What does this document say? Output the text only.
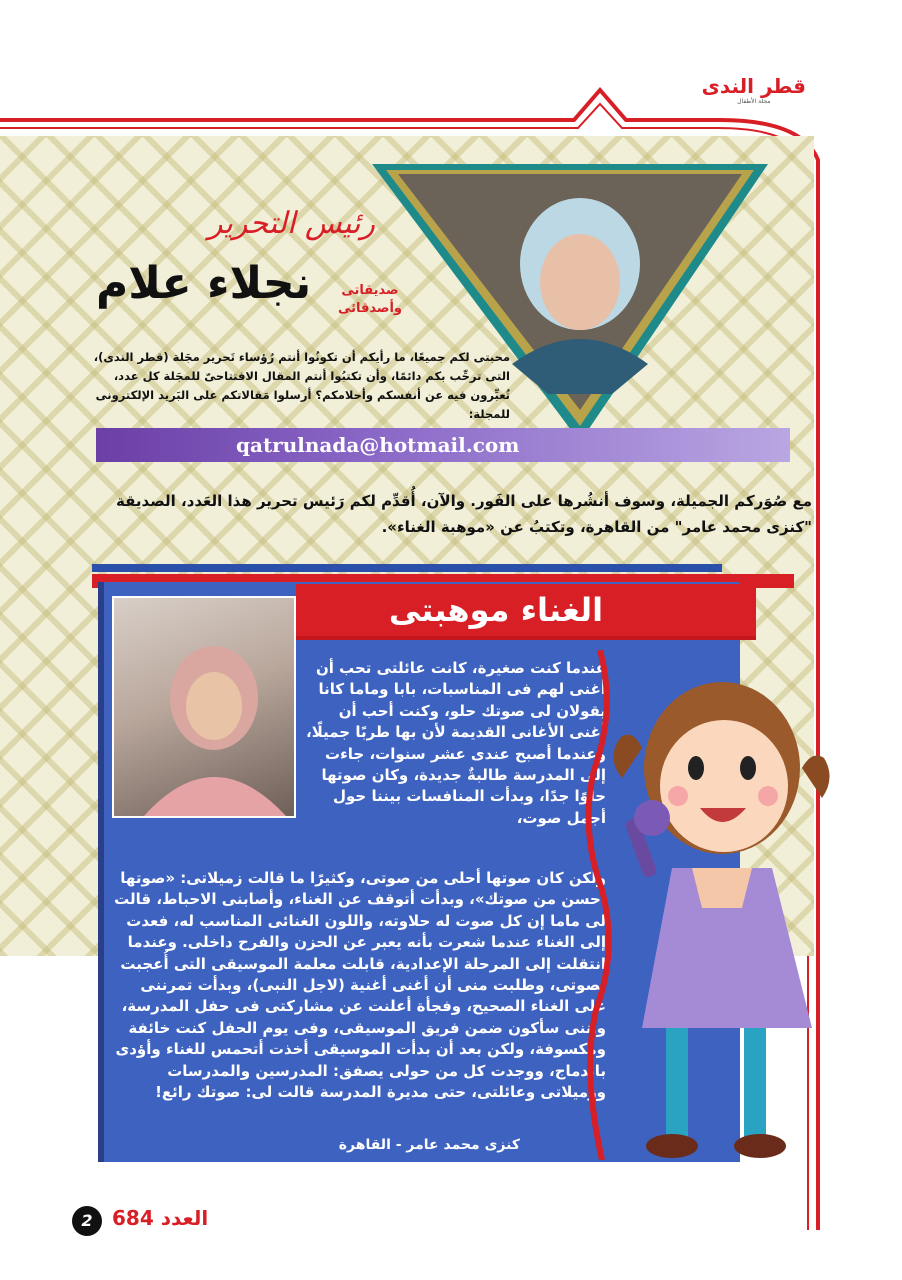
قطر الندى
مجلة الأطفال
رئيس التحرير
نجلاء علام	صديقاتى
وأصدقائى
محبتى لكم جميعًا، ما رأيكم أن تكونُوا أنتم رُؤساء تَحرير مجَلة (قطر الندى)، التى ترحِّب بكم دائمًا، وأن تكتبُوا أنتم المقال الافتتاحىّ للمجَلة كل عدد، تُعبِّرون فيه عن أنفسكم وأحلامكم؟ أرسلوا مَقالاتكم على البَريد الإلكترونى للمجلة:
qatrulnada@hotmail.com
مع صُوَركم الجميلة، وسوف أنشُرها على الفَور. والآن، أُقدِّم لكم رَئيس تحرير هذا العَدد، الصديقة "كنزى محمد عامر" من القاهرة، وتكتبُ عن «موهبة الغناء».
الغناء موهبتى
عندما كنت صغيرة، كانت عائلتى تحب أن أغنى لهم فى المناسبات، بابا وماما كانا يقولان لى صوتك حلو، وكنت أحب أن أغنى الأغانى القديمة لأن بها طربًا جميلًا، وعندما أصبح عندى عشر سنوات، جاءت إلى المدرسة طالبةٌ جديدة، وكان صوتها حلوًا جدًا، وبدأت المنافسات بيننا حول أجمل صوت،
ولكن كان صوتها أحلى من صوتى، وكثيرًا ما قالت زميلاتى: «صوتها أحسن من صوتك»، وبدأت أتوقف عن الغناء، وأصابنى الاحباط، قالت لى ماما إن كل صوت له حلاوته، واللون الغنائى المناسب له، فعدت إلى الغناء عندما شعرت بأنه يعبر عن الحزن والفرح داخلى. وعندما انتقلت إلى المرحلة الإعدادية، قابلت معلمة الموسيقى التى أُعجبت بصوتى، وطلبت منى أن أغنى أغنية (لاجل النبى)، وبدأت تمرننى على الغناء الصحيح، وفجأة أعلنت عن مشاركتى فى حفل المدرسة، وأننى سأكون ضمن فريق الموسيقى، وفى يوم الحفل كنت خائفة ومكسوفة، ولكن بعد أن بدأت الموسيقى أخذت أتحمس للغناء وأؤدى باندماج، ووجدت كل من حولى يصفق: المدرسين والمدرسات وزميلاتى وعائلتى، حتى مديرة المدرسة قالت لى: صوتك رائع!
كنزى محمد عامر - القاهرة
2 العدد 684
